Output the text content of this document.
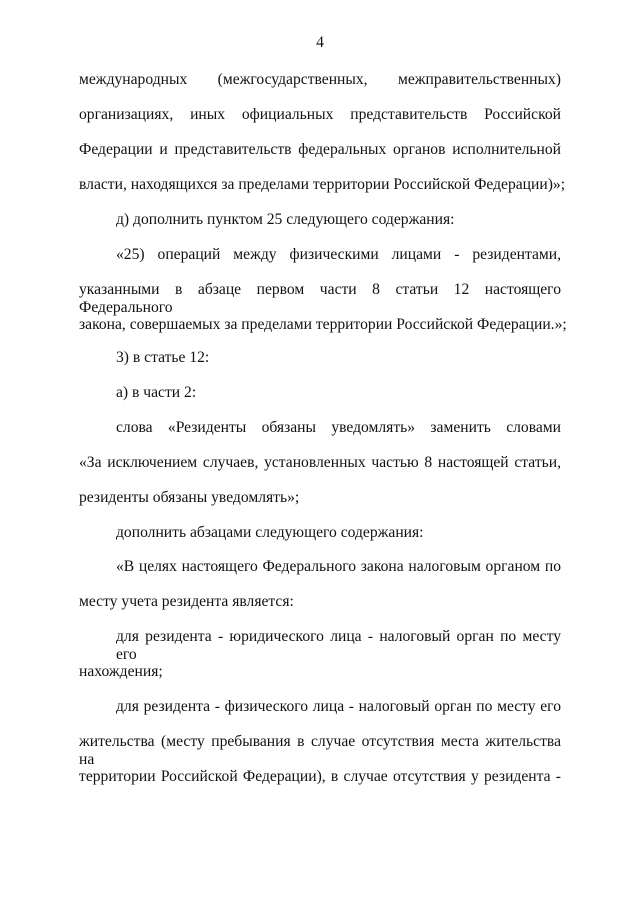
4
международных (межгосударственных, межправительственных)
организациях, иных официальных представительств Российской
Федерации и представительств федеральных органов исполнительной
власти, находящихся за пределами территории Российской Федерации)»;
д) дополнить пунктом 25 следующего содержания:
«25) операций между физическими лицами - резидентами,
указанными в абзаце первом части 8 статьи 12 настоящего Федерального
закона, совершаемых за пределами территории Российской Федерации.»;
3) в статье 12:
а) в части 2:
слова «Резиденты обязаны уведомлять» заменить словами
«За исключением случаев, установленных частью 8 настоящей статьи,
резиденты обязаны уведомлять»;
дополнить абзацами следующего содержания:
«В целях настоящего Федерального закона налоговым органом по
месту учета резидента является:
для резидента - юридического лица - налоговый орган по месту его
нахождения;
для резидента - физического лица - налоговый орган по месту его
жительства (месту пребывания в случае отсутствия места жительства на
территории Российской Федерации), в случае отсутствия у резидента -
